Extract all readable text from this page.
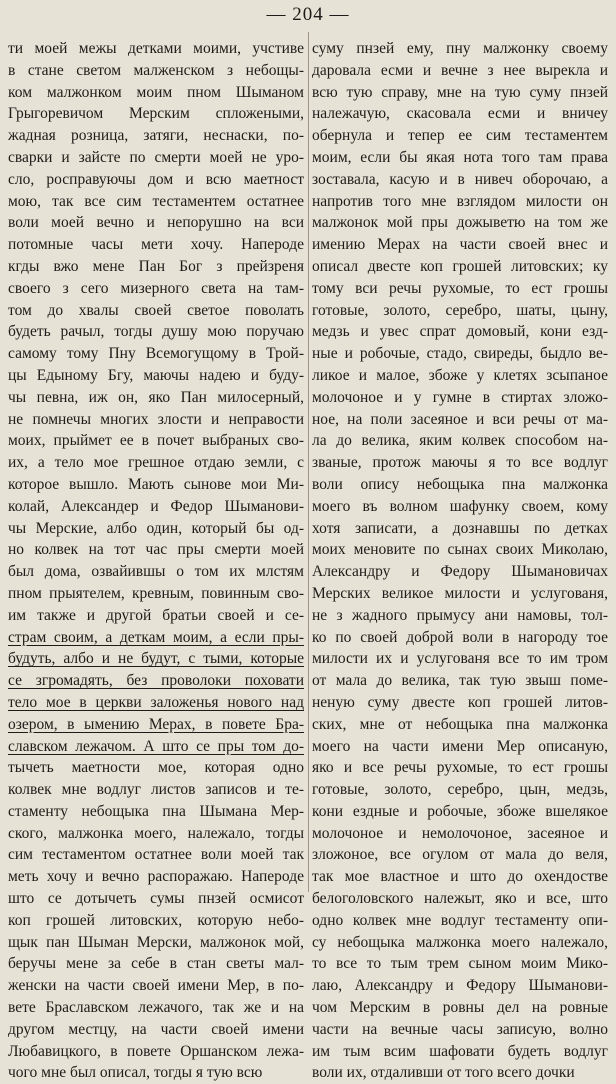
— 204 —

ти моей межы детками моими, учстиве

в стане светом малженском з небощы-

ком малжонком моим пном Шыманом

Грыгоревичом Мерским спложеными,

жадная розница, затяги, неснаски, по-

сварки и зайсте по смерти моей не уро-

сло, росправуючы дом и всю маетност

мою, так все сим тестаментем остатнее

воли моей вечно и непорушно на вси

потомные часы мети хочу. Напероде

кгды вжо мене Пан Бог з прейзреня

своего з сего мизерного света на там-

том до хвалы своей светое поволать

будеть рачыл, тогды душу мою поручаю

самому тому Пну Всемогущому в Трой-

цы Едыному Бгу, маючы надею и буду-

чы певна, иж он, яко Пан милосерный,

не помнечы многих злости и неправости

моих, прыймет ее в почет выбраных сво-

их, а тело мое грешное отдаю земли, с

которое вышло. Мають сынове мои Ми-

колай, Александер и Федор Шыманови-

чы Мерские, албо один, который бы од-

но колвек на тот час пры смерти моей

был дома, озвайившы о том их млстям

пном прыятелем, кревным, повинным сво-

им также и другой братьи своей и се-

страм своим, а деткам моим, а если пры-

будуть, албо и не будут, с тыми, которые

се згромадять, без проволоки поховати

тело мое в церкви заложенья нового над

озером, в ымению Мерах, в повете Бра-

славском лежачом. А што се пры том до-

тычеть маетности мое, которая одно

колвек мне водлуг листов записов и те-

стаменту небощыка пна Шымана Мер-

ского, малжонка моего, належало, тогды

сим тестаментом остатнее воли моей так

меть хочу и вечно распоражаю. Напероде

што се дотычеть сумы пнзей осмисот

коп грошей литовских, которую небо-

щык пан Шыман Мерски, малжонок мой,

беручы мене за себе в стан светы мал-

женски на части своей имени Мер, в по-

вете Браславском лежачого, так же и на

другом местцу, на части своей имени

Любавицкого, в повете Оршанском лежа-

чого мне был описал, тогды я тую всю

суму пнзей ему, пну малжонку своему

даровала есми и вечне з нее вырекла и

всю тую справу, мне на тую суму пнзей

належачую, скасовала есми и вничеу

обернула и тепер ее сим тестаментем

моим, если бы якая нота того там права

зоставала, касую и в нивеч оборочаю, а

напротив того мне взглядом милости он

малжонок мой пры дожыветю на том же

имению Мерах на части своей внес и

описал двесте коп грошей литовских; ку

тому вси речы рухомые, то ест грошы

готовые, золото, серебро, шаты, цыну,

медзь и увес спрат домовый, кони езд-

ные и робочые, стадо, свиреды, быдло ве-

ликое и малое, збоже у клетях зсыпаное

молочоное и у гумне в стиртах зложо-

ное, на поли засеяное и вси речы от ма-

ла до велика, яким колвек способом на-

званые, протож маючы я то все водлуг

воли опису небощыка пна малжонка

моего въ волном шафунку своем, кому

хотя записати, а дознавшы по детках

моих меновите по сынах своих Миколаю,

Александру и Федору Шымановичах

Мерских великое милости и услугованя,

не з жадного прымусу ани намовы, тол-

ко по своей доброй воли в нагороду тое

милости их и услугованя все то им тром

от мала до велика, так тую звыш поме-

неную суму двесте коп грошей литов-

ских, мне от небощыка пна малжонка

моего на части имени Мер описаную,

яко и все речы рухомые, то ест грошы

готовые, золото, серебро, цын, медзь,

кони ездные и робочые, збоже вшелякое

молочоное и немолочоное, засеяное и

зложоное, все огулом от мала до веля,

так мое властное и што до охендостве

белоголовского належыт, яко и все, што

одно колвек мне водлуг тестаменту опи-

су небощыка малжонка моего належало,

то все то тым трем сыном моим Мико-

лаю, Александру и Федору Шыманови-

чом Мерским в ровны дел на ровные

части на вечные часы записую, волно

им тым всим шафовати будеть водлуг

воли их, отдаливши от того всего дочки
